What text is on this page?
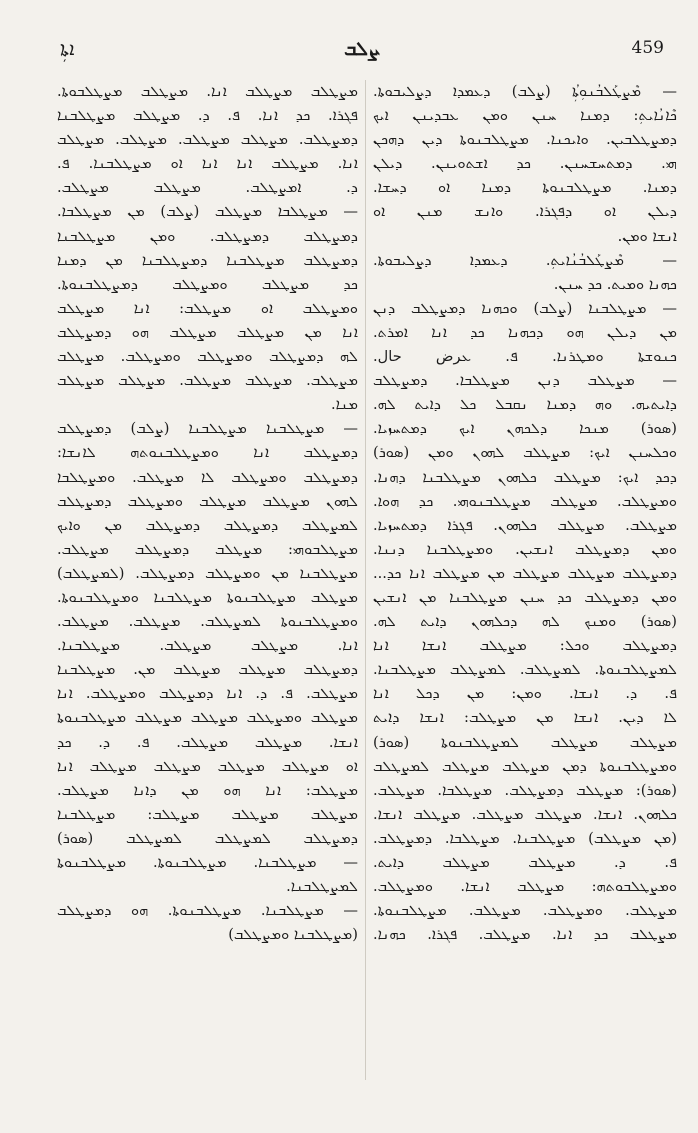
ܐܬܼܐ	ܨܠܒ	459
— ܡܶܨܛܰܠܒܳܢܘܼܬܼܳܐ (ܨܠܒ) ܕܥܡܕܐ ܕܨܠܝܒܘܬܐ.
ܟܶܐܢܳܐܝܬܼ: ܕܡܢܐ ܚܢܢ ܘܡܢ ܥܒܕܝܢܢ ܐܝܟ
ܕܡܨܛܠܒܝܢ. ܘܐܝܟܢܐ. ܡܨܛܠܒܢܘܬܐ ܕܝܢ ܕܗܟܢ
ܗܝ. ܕܡܬܚܫܚܢܢ. ܟܕ ܐܫܬܘܝܢܢ. ܕܝܠܢ
ܕܡܢܐ. ܡܨܛܠܒܢܘܬܐ ܕܡܢܐ ܐܘ ܕܚܫܐ.
ܕܝܠܢ ܐܘ ܕܦܓܪܐ. ܘܐܢܫ ܡܢܢ ܐܘ
ܐܢܫܐ ܘܡܢ.
— ܡܶܨܛܰܠܒܳܢܳܐܝܬܼ. ܕܥܡܕܐ ܕܨܠܝܒܘܬܐ.
ܟܗܢܐ ܘܡܝܬ. ܟܕ ܚܢܢ.
— ܡܨܛܠܒܢܐ (ܨܠܒ) ܘܟܗܢܐ ܕܡܨܛܠܒ ܕܢܢ
ܡܢ ܕܝܠܢ ܗܘ ܕܟܗܢܐ ܟܕ ܐܢܐ ܐܡܪܬ.
ܟܢܘܫܬܐ ܘܡܛܪܢܐ. ܦ. ܥرض حال.
— ܡܨܛܠܒ ܕܢܢ ܡܨܛܠܒܐ. ܕܡܨܛܠܒ
ܕܐܝܬܝܗ. ܘܗ ܕܡܢܐ ܢܩܒܠ ܟܠ ܕܐܝܬ ܠܗ.
(ܣܘܪ) ܡܢܟܐ ܕܠܟܗܢ ܐܝܟ ܕܡܬܚܙܝܐ.
ܘܟܠܚܢܢ ܐܝܟ: ܡܨܛܠܒ ܠܗܘܢ ܘܡܢ (ܣܘܪ)
ܕܟܕ ܐܝܟ: ܡܨܛܠܒ ܟܠܗܘܢ ܡܨܛܠܒܢܐ ܕܗܢܐ.
ܘܡܨܛܠܒ. ܡܨܛܠܒ ܡܨܛܠܒܢܘܗܝ. ܟܕ ܗܘܐ.
ܡܨܛܠܒ. ܡܨܛܠܒ ܟܠܗܘܢ. ܦܓܪܐ ܕܡܬܚܙܝܐ.
ܘܡܢ ܕܡܨܛܠܒ ܐܢܫܝܢ. ܘܡܨܛܠܒܢܐ ܕܢܢܐ.
ܕܡܨܛܠܒ ܡܨܛܠܒ ܡܨܛܠܒ ܡܢ ܡܨܛܠܒ ܐܢܐ ܟܕ...
ܘܡܢ ܕܡܨܛܠܒ ܟܕ ܚܢܢ ܡܨܛܠܒܢܐ ܡܢ ܐܢܫܝܢ
(ܣܘܪ) ܘܡܢܟ ܠܗ ܕܟܠܗܘܢ ܕܐܝܬ ܠܗ.
ܕܡܨܛܠܒ ܘܟܠ: ܡܨܛܠܒ ܐܢܫܐ ܐܢܐ
ܠܡܨܛܠܒܢܘܬܐ. ܠܡܨܛܠܒ. ܠܡܨܛܠܒ ܡܨܛܠܒܢܐ.
ܦ. ܕ. ܐܢܫܐ. ܘܡܢ: ܡܢ ܕܟܠ ܐܢܐ
ܠܐ ܕܝܢ. ܐܢܫܐ ܡܢ ܡܨܛܠܒ: ܐܢܫܐ ܕܐܝܬ
ܡܨܛܠܒ ܡܨܛܠܒ ܠܡܨܛܠܒܢܘܬܐ (ܣܘܪ)
ܘܡܨܛܠܒܢܘܬܐ ܕܡܢ ܡܨܛܠܒ ܡܨܛܠܒ ܠܡܨܛܠܒ
(ܣܘܪ): ܡܨܛܠܒ ܕܡܨܛܠܒ. ܡܨܛܠܒܐ. ܡܨܛܠܒ.
ܟܠܗܘܢ. ܐܢܫܐ. ܡܨܛܠܒ ܡܨܛܠܒ. ܡܨܛܠܒ ܐܢܫܐ.
(ܡܢ ܡܨܛܠܒ) ܡܨܛܠܒܢܐ. ܡܨܛܠܒܐ. ܕܡܨܛܠܒ.
ܦ. ܕ. ܡܨܛܠܒ ܡܨܛܠܒ ܕܐܝܬ.
ܘܡܨܛܠܒܘܬܗ: ܡܨܛܠܒ ܐܢܫܐ. ܘܡܨܛܠܒ.
ܡܨܛܠܒ. ܘܡܨܛܠܒ. ܡܨܛܠܒ. ܡܨܛܠܒܢܘܬܐ.
ܡܨܛܠܒ ܟܕ ܐܢܐ. ܡܨܛܠܒ. ܦܓܪܐ. ܟܗܢܐ.
ܡܨܛܠܒ ܡܨܛܠܒ ܐܢܐ. ܡܨܛܠܒ ܡܨܛܠܒܘܬܐ.
ܦܓܪܐ. ܟܕ ܐܢܐ. ܦ. ܕ. ܡܨܛܠܒ ܡܨܛܠܒܢܐ
ܕܡܨܛܠܒ. ܡܨܛܠܒ ܡܨܛܠܒ. ܡܨܛܠܒ. ܡܨܛܠܒ
ܐܢܐ. ܡܨܛܠܒ ܐܢܐ ܐܢܐ ܐܘ ܡܨܛܠܒܢܐ. ܦ.
ܕ. ܐܡܨܛܠܒ. ܡܨܛܠܒ ܡܨܛܠܒ.
— ܡܨܛܠܒܐ ܡܨܛܠܒ (ܨܠܒ) ܡܢ ܡܨܛܠܒܐ.
ܕܡܨܛܠܒ ܕܡܨܛܠܒ. ܘܡܢ ܡܨܛܠܒܢܐ
ܕܡܨܛܠܒ ܡܨܛܠܒܢܐ ܕܡܨܛܠܒܢܐ ܡܢ ܕܡܢܐ
ܟܕ ܡܨܛܠܒ ܘܡܨܛܠܒ ܕܡܨܛܠܒܢܘܬܐ.
ܘܡܨܛܠܒ ܐܘ ܡܨܛܠܒ: ܐܢܐ ܡܨܛܠܒ
ܐܢܐ ܡܢ ܡܨܛܠܒ ܡܨܛܠܒ ܗܘ ܕܡܨܛܠܒ
ܠܗ ܕܡܨܛܠܒ ܘܡܨܛܠܒ ܘܡܨܛܠܒ. ܡܨܛܠܒ
ܡܨܛܠܒ. ܡܨܛܠܒ ܡܨܛܠܒ. ܡܨܛܠܒ ܡܨܛܠܒ
ܡܢܐ.
— ܡܨܛܠܒܢܐ ܡܨܛܠܒܢܐ (ܨܠܒ) ܕܡܨܛܠܒ
ܕܡܨܛܠܒ ܐܢܐ ܘܡܨܛܠܒܢܘܬܗ ܠܐܢܫܐ:
ܕܡܨܛܠܒ ܘܡܨܛܠܒ ܠܐ ܡܨܛܠܒ. ܘܡܨܛܠܒܐ
ܠܗܘܢ ܡܨܛܠܒ ܡܨܛܠܒ ܘܡܨܛܠܒ ܕܡܨܛܠܒ
ܠܡܨܛܠܒ ܕܡܨܛܠܒ ܕܡܨܛܠܒ ܡܢ ܘܐܝܟ
ܡܨܛܠܒܘܗܝ: ܡܨܛܠܒ ܕܡܨܛܠܒ ܡܨܛܠܒ.
ܡܨܛܠܒܢܐ ܡܢ ܘܡܨܛܠܒ ܕܡܨܛܠܒ. (ܠܡܨܛܠܒ)
ܡܨܛܠܒ ܡܨܛܠܒܢܘܬܐ ܡܨܛܠܒܢܐ ܘܡܨܛܠܒܢܘܬܐ.
ܘܡܨܛܠܒܢܘܬܐ ܠܡܨܛܠܒ. ܡܨܛܠܒ. ܡܨܛܠܒ.
ܐܢܐ. ܡܨܛܠܒ ܡܨܛܠܒ. ܡܨܛܠܒܢܐ.
ܕܡܨܛܠܒ ܡܨܛܠܒ ܡܨܛܠܒ ܡܢ. ܡܨܛܠܒܢܐ
ܡܨܛܠܒ. ܦ. ܕ. ܐܢܐ ܕܡܨܛܠܒ ܘܡܨܛܠܒ. ܐܢܐ
ܡܨܛܠܒ ܘܡܨܛܠܒ ܡܨܛܠܒ ܡܨܛܠܒ ܡܨܛܠܒܢܘܬܐ
ܐܢܫܐ. ܡܨܛܠܒ ܡܨܛܠܒ. ܦ. ܕ. ܟܕ
ܐܘ ܡܨܛܠܒ ܡܨܛܠܒ ܡܨܛܠܒ ܡܨܛܠܒ ܐܢܐ
ܡܨܛܠܒ: ܐܢܐ ܗܘ ܡܢ ܕܐܢܐ ܡܨܛܠܒ.
ܡܨܛܠܒ ܡܨܛܠܒ ܡܨܛܠܒ: ܡܨܛܠܒܢܐ
ܕܡܨܛܠܒ ܠܡܨܛܠܒ ܠܡܨܛܠܒ (ܣܘܪ)
— ܡܨܛܠܒܢܐ. ܡܨܛܠܒܢܘܬܐ. ܡܨܛܠܒܢܘܬܐ
ܠܡܨܛܠܒܢܐ.
— ܡܨܛܠܒܢܐ. ܡܨܛܠܒܢܘܬܐ. ܗܘ ܕܡܨܛܠܒ
(ܡܨܛܠܒܢܐ ܘܡܨܛܠܒ)
